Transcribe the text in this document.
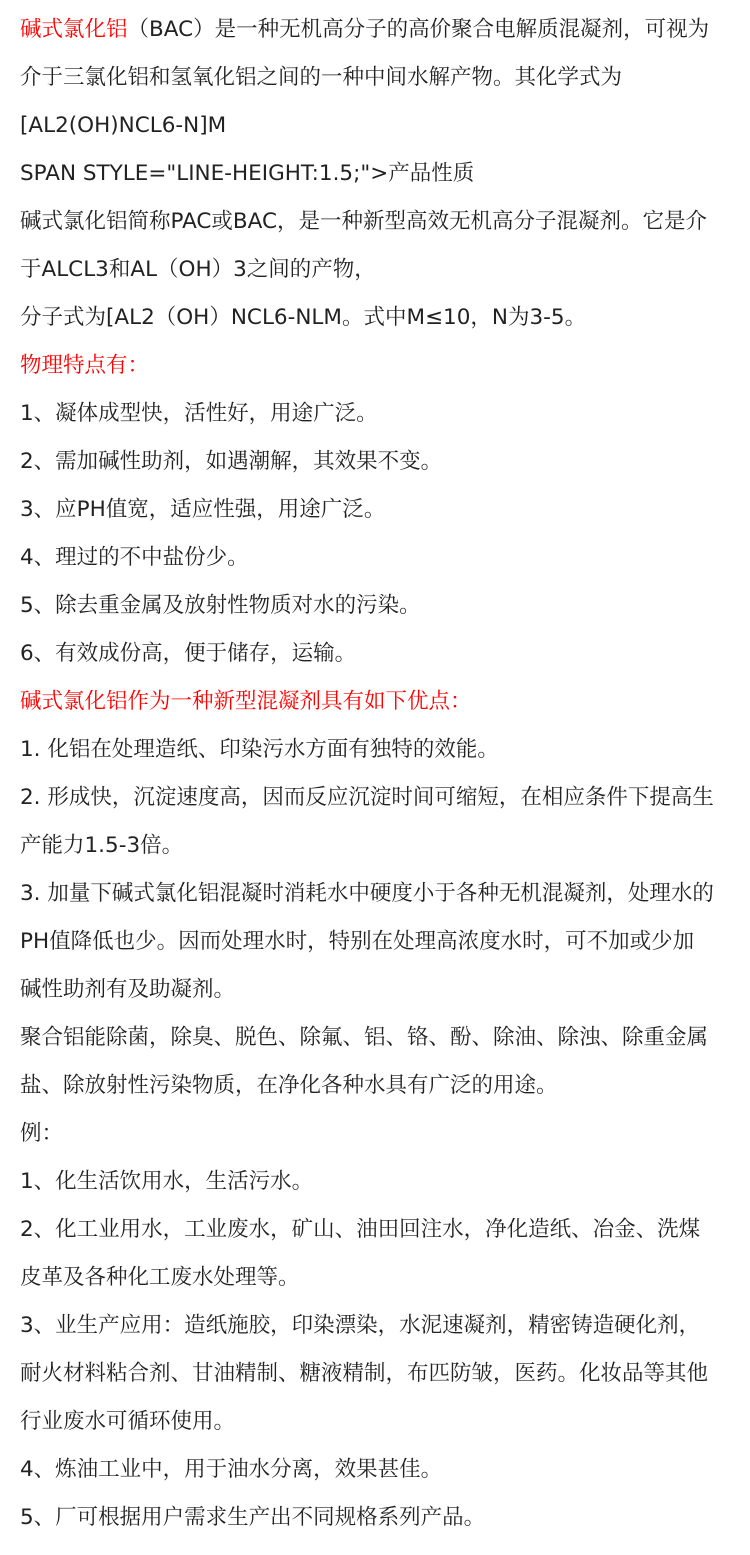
碱式氯化铝（BAC）是一种无机高分子的高价聚合电解质混凝剂，可视为
介于三氯化铝和氢氧化铝之间的一种中间水解产物。其化学式为
[AL2(OH)NCL6-N]M
SPAN STYLE="LINE-HEIGHT:1.5;">产品性质
碱式氯化铝简称PAC或BAC，是一种新型高效无机高分子混凝剂。它是介
于ALCL3和AL（OH）3之间的产物，
分子式为[AL2（OH）NCL6-NLM。式中M≤10，N为3-5。
物理特点有：
1、凝体成型快，活性好，用途广泛。
2、需加碱性助剂，如遇潮解，其效果不变。
3、应PH值宽，适应性强，用途广泛。
4、理过的不中盐份少。
5、除去重金属及放射性物质对水的污染。
6、有效成份高，便于储存，运输。
碱式氯化铝作为一种新型混凝剂具有如下优点：
1. 化铝在处理造纸、印染污水方面有独特的效能。
2. 形成快，沉淀速度高，因而反应沉淀时间可缩短，在相应条件下提高生
产能力1.5-3倍。
3. 加量下碱式氯化铝混凝时消耗水中硬度小于各种无机混凝剂，处理水的
PH值降低也少。因而处理水时，特别在处理高浓度水时，可不加或少加
碱性助剂有及助凝剂。
聚合铝能除菌，除臭、脱色、除氟、铝、铬、酚、除油、除浊、除重金属
盐、除放射性污染物质，在净化各种水具有广泛的用途。
例：
1、化生活饮用水，生活污水。
2、化工业用水，工业废水，矿山、油田回注水，净化造纸、冶金、洗煤
皮革及各种化工废水处理等。
3、业生产应用：造纸施胶，印染漂染，水泥速凝剂，精密铸造硬化剂，
耐火材料粘合剂、甘油精制、糖液精制，布匹防皱，医药。化妆品等其他
行业废水可循环使用。
4、炼油工业中，用于油水分离，效果甚佳。
5、厂可根据用户需求生产出不同规格系列产品。
